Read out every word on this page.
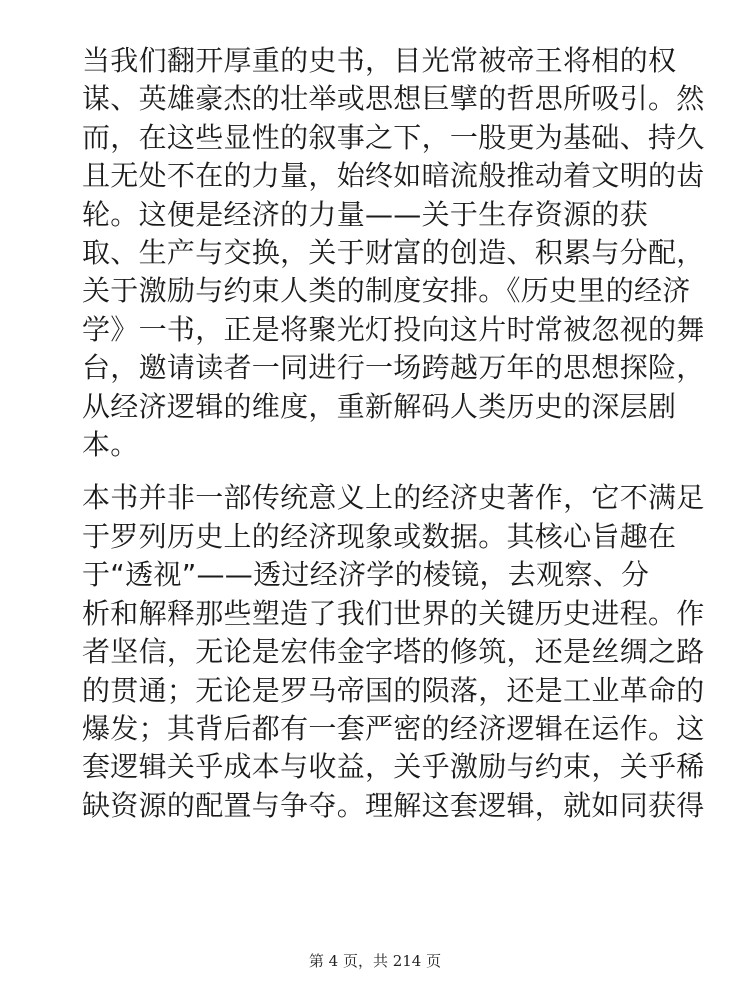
当我们翻开厚重的史书，目光常被帝王将相的权
谋、英雄豪杰的壮举或思想巨擘的哲思所吸引。然
而，在这些显性的叙事之下，一股更为基础、持久
且无处不在的力量，始终如暗流般推动着文明的齿
轮。这便是经济的力量——关于生存资源的获
取、生产与交换，关于财富的创造、积累与分配，
关于激励与约束人类的制度安排。《历史里的经济
学》一书，正是将聚光灯投向这片时常被忽视的舞
台，邀请读者一同进行一场跨越万年的思想探险，
从经济逻辑的维度，重新解码人类历史的深层剧
本。

本书并非一部传统意义上的经济史著作，它不满足
于罗列历史上的经济现象或数据。其核心旨趣在
于“透视”——透过经济学的棱镜，去观察、分
析和解释那些塑造了我们世界的关键历史进程。作
者坚信，无论是宏伟金字塔的修筑，还是丝绸之路
的贯通；无论是罗马帝国的陨落，还是工业革命的
爆发；其背后都有一套严密的经济逻辑在运作。这
套逻辑关乎成本与收益，关乎激励与约束，关乎稀
缺资源的配置与争夺。理解这套逻辑，就如同获得

第 4 页，共 214 页
